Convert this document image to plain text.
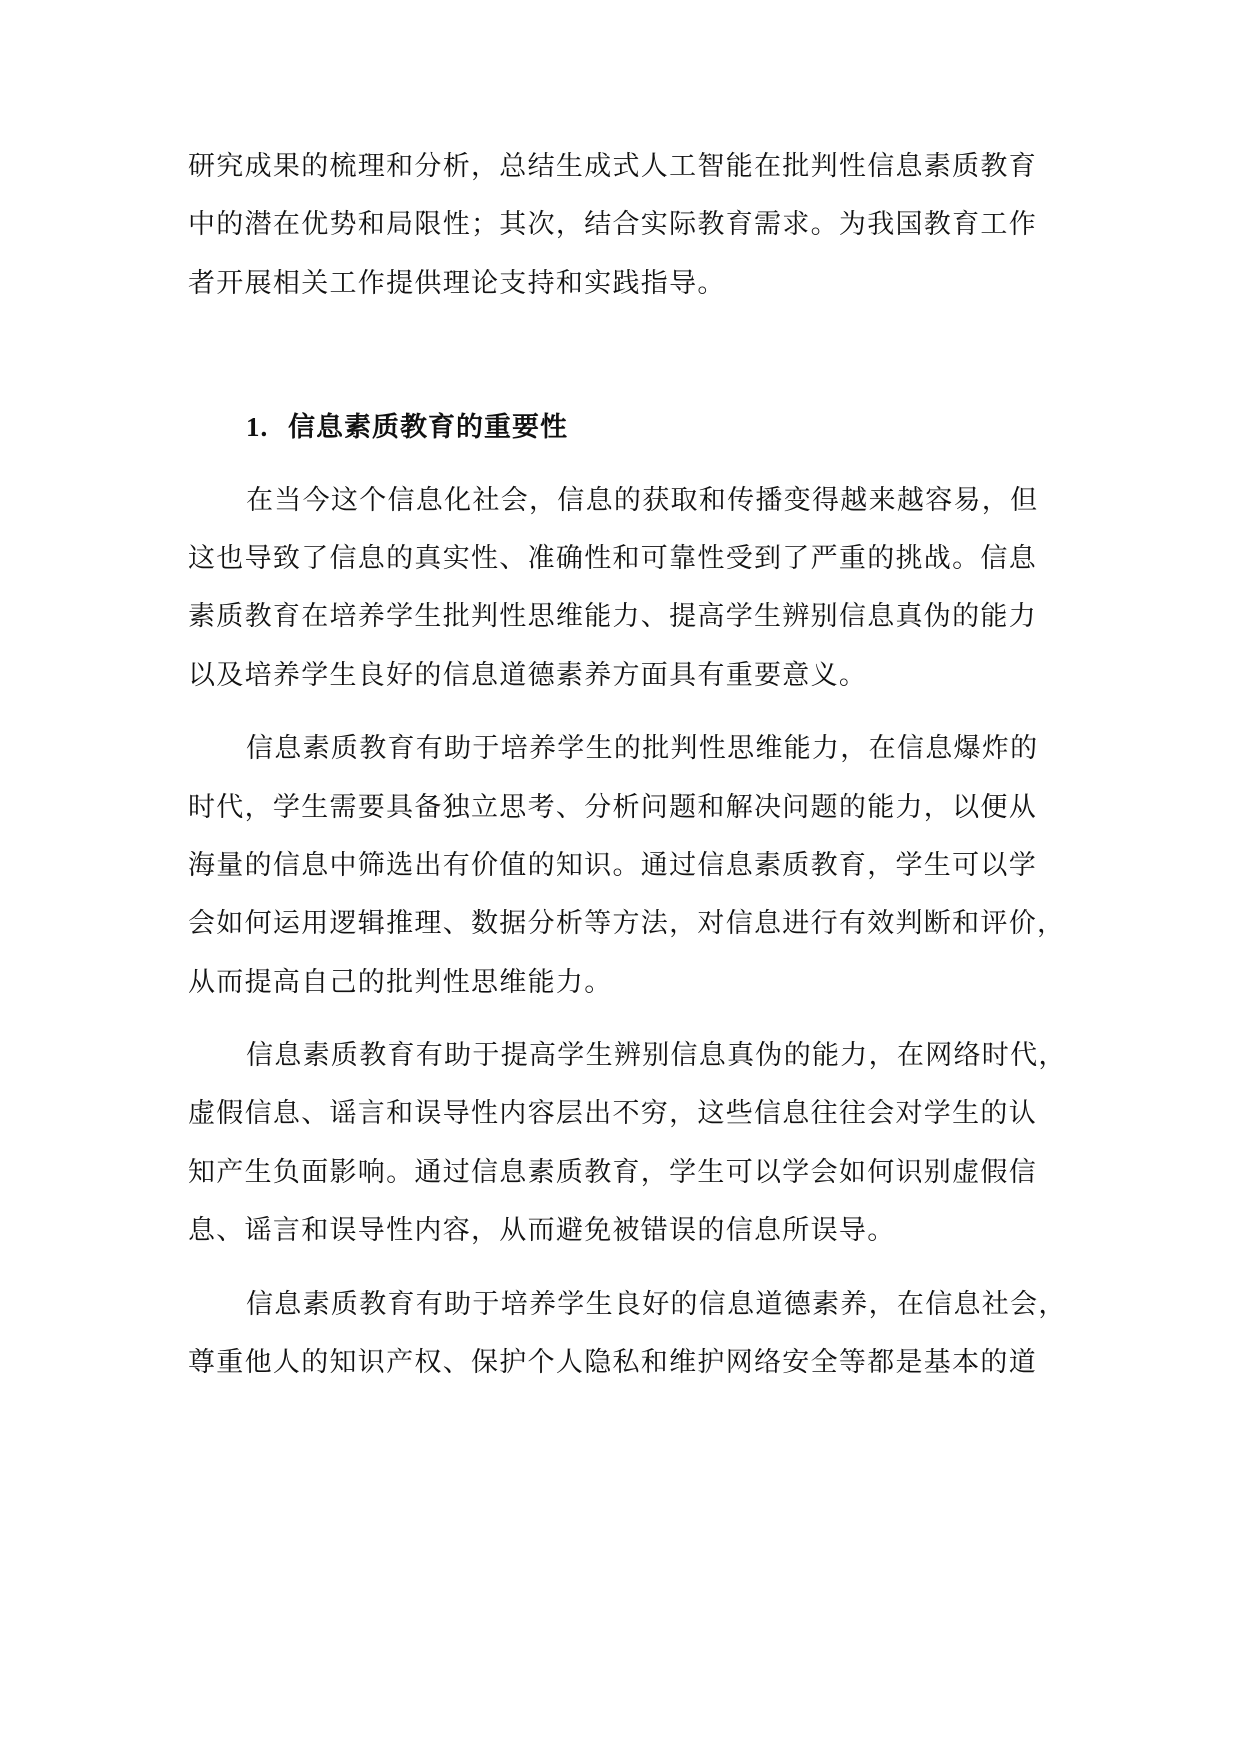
研究成果的梳理和分析，总结生成式人工智能在批判性信息素质教育
中的潜在优势和局限性；其次，结合实际教育需求。为我国教育工作
者开展相关工作提供理论支持和实践指导。
1. 信息素质教育的重要性
在当今这个信息化社会，信息的获取和传播变得越来越容易，但
这也导致了信息的真实性、准确性和可靠性受到了严重的挑战。信息
素质教育在培养学生批判性思维能力、提高学生辨别信息真伪的能力
以及培养学生良好的信息道德素养方面具有重要意义。
信息素质教育有助于培养学生的批判性思维能力，在信息爆炸的
时代，学生需要具备独立思考、分析问题和解决问题的能力，以便从
海量的信息中筛选出有价值的知识。通过信息素质教育，学生可以学
会如何运用逻辑推理、数据分析等方法，对信息进行有效判断和评价，
从而提高自己的批判性思维能力。
信息素质教育有助于提高学生辨别信息真伪的能力，在网络时代，
虚假信息、谣言和误导性内容层出不穷，这些信息往往会对学生的认
知产生负面影响。通过信息素质教育，学生可以学会如何识别虚假信
息、谣言和误导性内容，从而避免被错误的信息所误导。
信息素质教育有助于培养学生良好的信息道德素养，在信息社会，
尊重他人的知识产权、保护个人隐私和维护网络安全等都是基本的道
